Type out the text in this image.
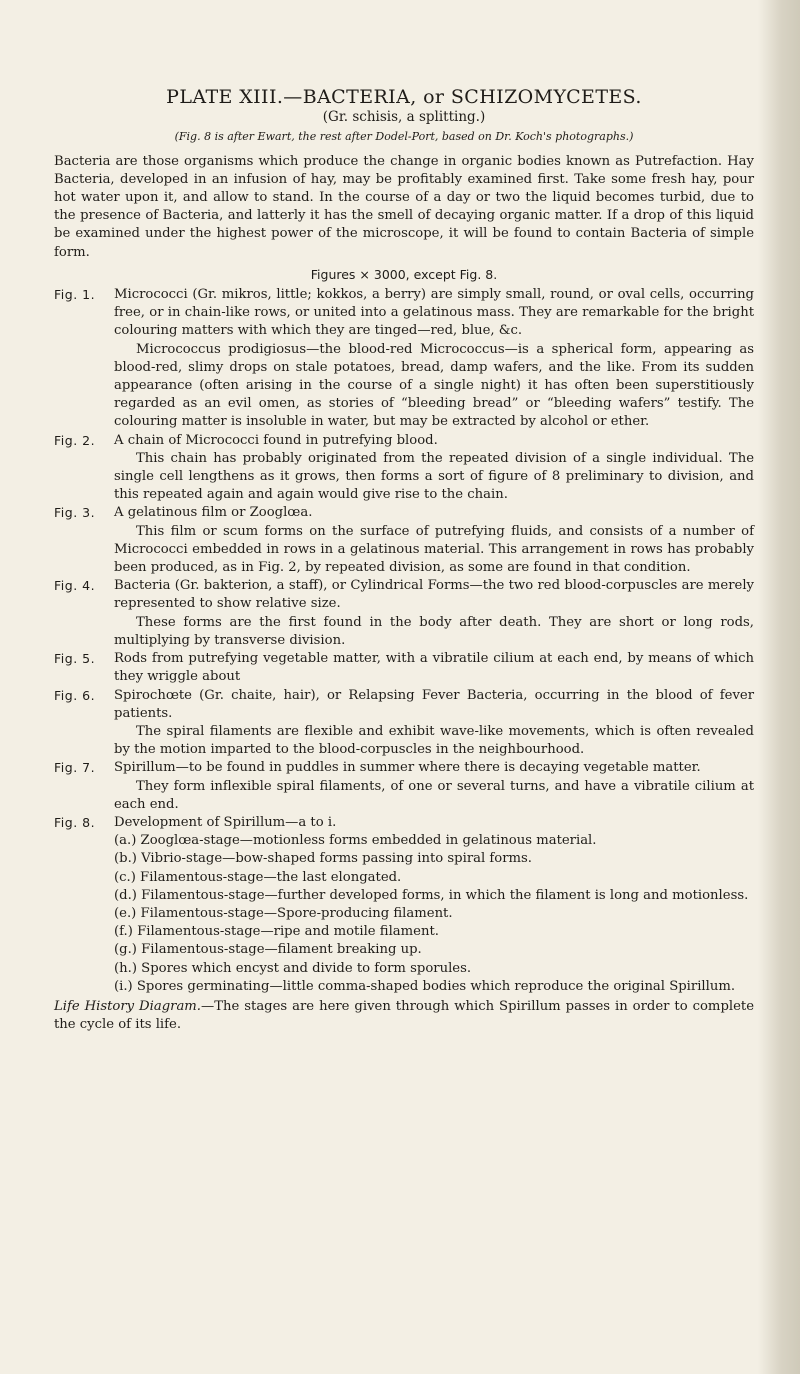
PLATE XIII.—BACTERIA, or SCHIZOMYCETES.
(Gr. schisis, a splitting.)
(Fig. 8 is after Ewart, the rest after Dodel-Port, based on Dr. Koch's photographs.)

Bacteria are those organisms which produce the change in organic bodies known as Putrefaction. Hay Bacteria, developed in an infusion of hay, may be profitably examined first. Take some fresh hay, pour hot water upon it, and allow to stand. In the course of a day or two the liquid becomes turbid, due to the presence of Bacteria, and latterly it has the smell of decaying organic matter. If a drop of this liquid be examined under the highest power of the microscope, it will be found to contain Bacteria of simple form.

Figures × 3000, except Fig. 8.
Fig. 1.	Micrococci (Gr. mikros, little; kokkos, a berry) are simply small, round, or oval cells, occurring free, or in chain-like rows, or united into a gelatinous mass. They are remarkable for the bright colouring matters with which they are tinged—red, blue, &c.

Micrococcus prodigiosus—the blood-red Micrococcus—is a spherical form, appearing as blood-red, slimy drops on stale potatoes, bread, damp wafers, and the like. From its sudden appearance (often arising in the course of a single night) it has often been superstitiously regarded as an evil omen, as stories of “bleeding bread” or “bleeding wafers” testify. The colouring matter is insoluble in water, but may be extracted by alcohol or ether.

Fig. 2.	A chain of Micrococci found in putrefying blood.

This chain has probably originated from the repeated division of a single individual. The single cell lengthens as it grows, then forms a sort of figure of 8 preliminary to division, and this repeated again and again would give rise to the chain.

Fig. 3.	A gelatinous film or Zooglœa.

This film or scum forms on the surface of putrefying fluids, and consists of a number of Micrococci embedded in rows in a gelatinous material. This arrangement in rows has probably been produced, as in Fig. 2, by repeated division, as some are found in that condition.

Fig. 4.	Bacteria (Gr. bakterion, a staff), or Cylindrical Forms—the two red blood-corpuscles are merely represented to show relative size.

These forms are the first found in the body after death. They are short or long rods, multiplying by transverse division.

Fig. 5.	Rods from putrefying vegetable matter, with a vibratile cilium at each end, by means of which they wriggle about

Fig. 6.	Spirochœte (Gr. chaite, hair), or Relapsing Fever Bacteria, occurring in the blood of fever patients.

The spiral filaments are flexible and exhibit wave-like movements, which is often revealed by the motion imparted to the blood-corpuscles in the neighbourhood.

Fig. 7.	Spirillum—to be found in puddles in summer where there is decaying vegetable matter.

They form inflexible spiral filaments, of one or several turns, and have a vibratile cilium at each end.

Fig. 8.	Development of Spirillum—a to i.

(a.) Zooglœa-stage—motionless forms embedded in gelatinous material.
(b.) Vibrio-stage—bow-shaped forms passing into spiral forms.
(c.) Filamentous-stage—the last elongated.
(d.) Filamentous-stage—further developed forms, in which the filament is long and motionless.
(e.) Filamentous-stage—Spore-producing filament.
(f.) Filamentous-stage—ripe and motile filament.
(g.) Filamentous-stage—filament breaking up.
(h.) Spores which encyst and divide to form sporules.
(i.) Spores germinating—little comma-shaped bodies which reproduce the original Spirillum.

Life History Diagram.—The stages are here given through which Spirillum passes in order to complete the cycle of its life.
